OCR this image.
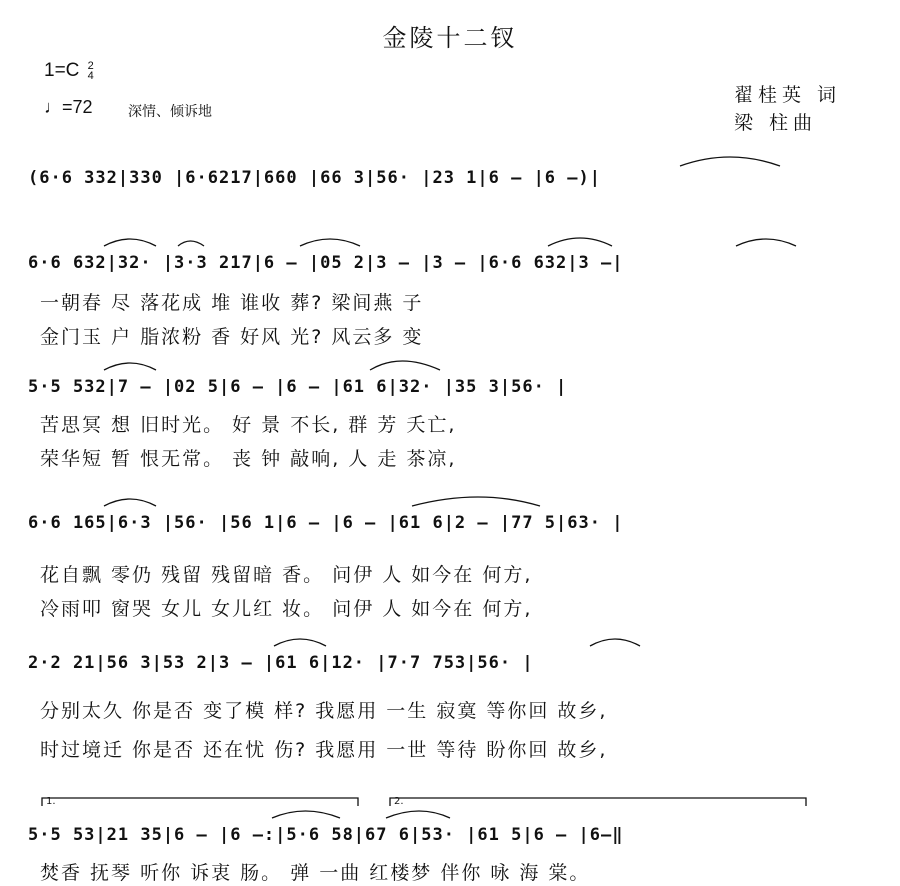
金陵十二钗
1=C 2
4
♩=72	深情、倾诉地
翟桂英 词
梁 柱曲
(6·6 332|330 |6·6217|660 |66 3|56· |23 1|6 – |6 –)|
6·6 632|32· |3·3 217|6 – |05 2|3 – |3 – |6·6 632|3 –|
一朝春 尽 落花成 堆 谁收 葬? 梁间燕 子
金门玉 户 脂浓粉 香 好风 光? 风云多 变
5·5 532|7 – |02 5|6 – |6 – |61 6|32· |35 3|56· |
苦思冥 想 旧时光。 好 景 不长, 群 芳 夭亡,
荣华短 暂 恨无常。 丧 钟 敲响, 人 走 茶凉,
6·6 165|6·3 |56· |56 1|6 – |6 – |61 6|2 – |77 5|63· |
花自飘 零仍 残留 残留暗 香。 问伊 人 如今在 何方,
冷雨叩 窗哭 女儿 女儿红 妆。 问伊 人 如今在 何方,
2·2 21|56 3|53 2|3 – |61 6|12· |7·7 753|56· |
分别太久 你是否 变了模 样? 我愿用 一生 寂寞 等你回 故乡,
时过境迁 你是否 还在忧 伤? 我愿用 一世 等待 盼你回 故乡,
1.	2.
5·5 53|21 35|6 – |6 –:|5·6 58|67 6|53· |61 5|6 – |6–‖
焚香 抚琴 听你 诉衷 肠。 弹 一曲 红楼梦 伴你 咏 海 棠。
